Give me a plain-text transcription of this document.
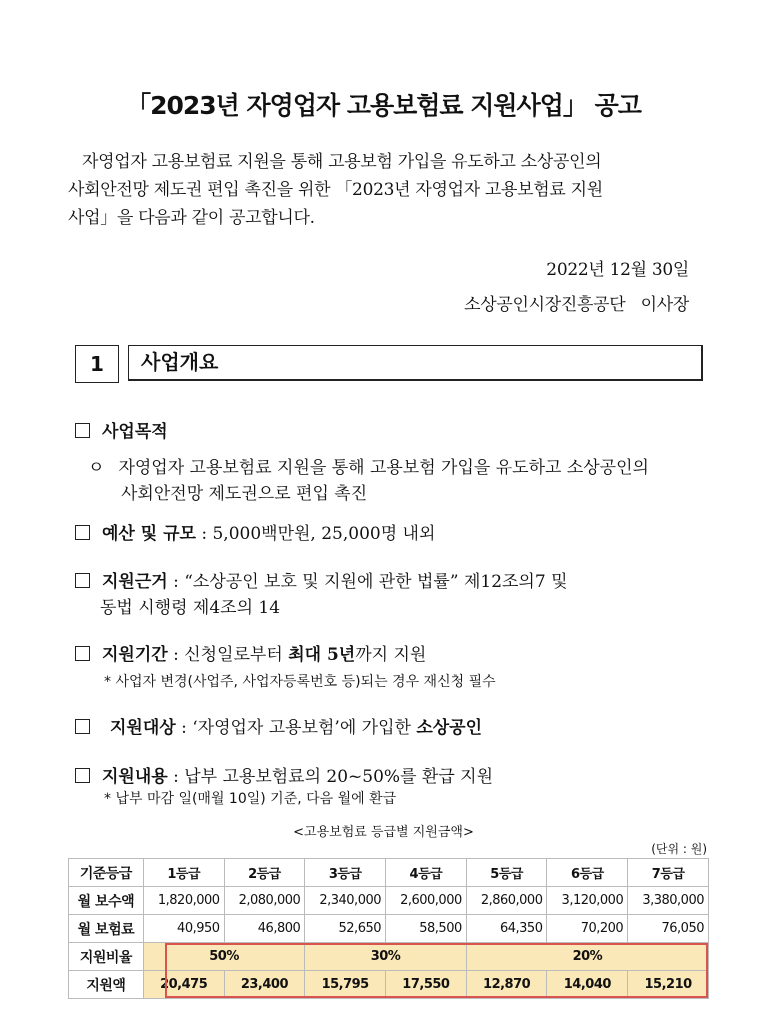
「2023년 자영업자 고용보험료 지원사업」 공고
자영업자 고용보험료 지원을 통해 고용보험 가입을 유도하고 소상공인의
사회안전망 제도권 편입 촉진을 위한 「2023년 자영업자 고용보험료 지원
사업」을 다음과 같이 공고합니다.
2022년 12월 30일
소상공인시장진흥공단   이사장
1	사업개요
사업목적
ㅇ 자영업자 고용보험료 지원을 통해 고용보험 가입을 유도하고 소상공인의
사회안전망 제도권으로 편입 촉진
예산 및 규모 : 5,000백만원, 25,000명 내외
지원근거 : “소상공인 보호 및 지원에 관한 법률” 제12조의7 및
동법 시행령 제4조의 14
지원기간 : 신청일로부터 최대 5년까지 지원
* 사업자 변경(사업주, 사업자등록번호 등)되는 경우 재신청 필수
지원대상 : ‘자영업자 고용보험’에 가입한 소상공인
지원내용 : 납부 고용보험료의 20~50%를 환급 지원
* 납부 마감 일(매월 10일) 기준, 다음 월에 환급
<고용보험료 등급별 지원금액>
(단위 : 원)
기준등급	1등급	2등급	3등급	4등급	5등급	6등급	7등급
월 보수액	1,820,000	2,080,000	2,340,000	2,600,000	2,860,000	3,120,000	3,380,000
월 보험료	40,950	46,800	52,650	58,500	64,350	70,200	76,050
지원비율	50%		30%		20%		
지원액	20,475	23,400	15,795	17,550	12,870	14,040	15,210
